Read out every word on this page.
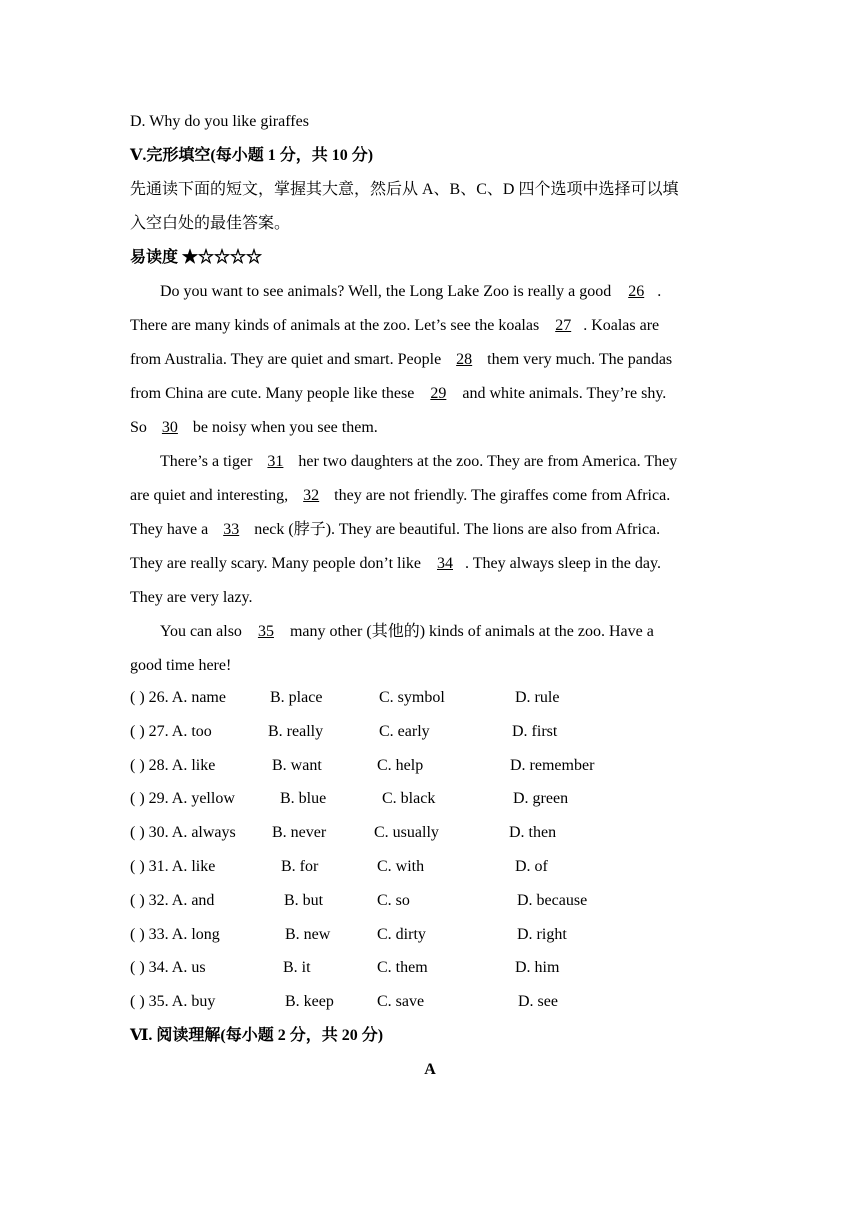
D. Why do you like giraffes
Ⅴ.完形填空(每小题 1 分，共 10 分)
先通读下面的短文，掌握其大意，然后从 A、B、C、D 四个选项中选择可以填
入空白处的最佳答案。
易读度 ★☆☆☆☆
Do you want to see animals? Well, the Long Lake Zoo is really a good 26 .
There are many kinds of animals at the zoo. Let’s see the koalas 27 . Koalas are
from Australia. They are quiet and smart. People 28 them very much. The pandas
from China are cute. Many people like these 29 and white animals. They’re shy.
So 30 be noisy when you see them.
There’s a tiger 31 her two daughters at the zoo. They are from America. They
are quiet and interesting, 32 they are not friendly. The giraffes come from Africa.
They have a 33 neck (脖子). They are beautiful. The lions are also from Africa.
They are really scary. Many people don’t like 34 . They always sleep in the day.
They are very lazy.
You can also 35 many other (其他的) kinds of animals at the zoo. Have a
good time here!
( ) 26. A. name	B. place	C. symbol	D. rule
( ) 27. A. too	B. really	C. early	D. first
( ) 28. A. like	B. want	C. help	D. remember
( ) 29. A. yellow	B. blue	C. black	D. green
( ) 30. A. always B. never	C. usually	D. then
( ) 31. A. like	B. for	C. with	D. of
( ) 32. A. and	B. but	C. so	D. because
( ) 33. A. long	B. new	C. dirty	D. right
( ) 34. A. us	B. it	C. them	D. him
( ) 35. A. buy	B. keep	C. save	D. see
Ⅵ. 阅读理解(每小题 2 分，共 20 分)
A
